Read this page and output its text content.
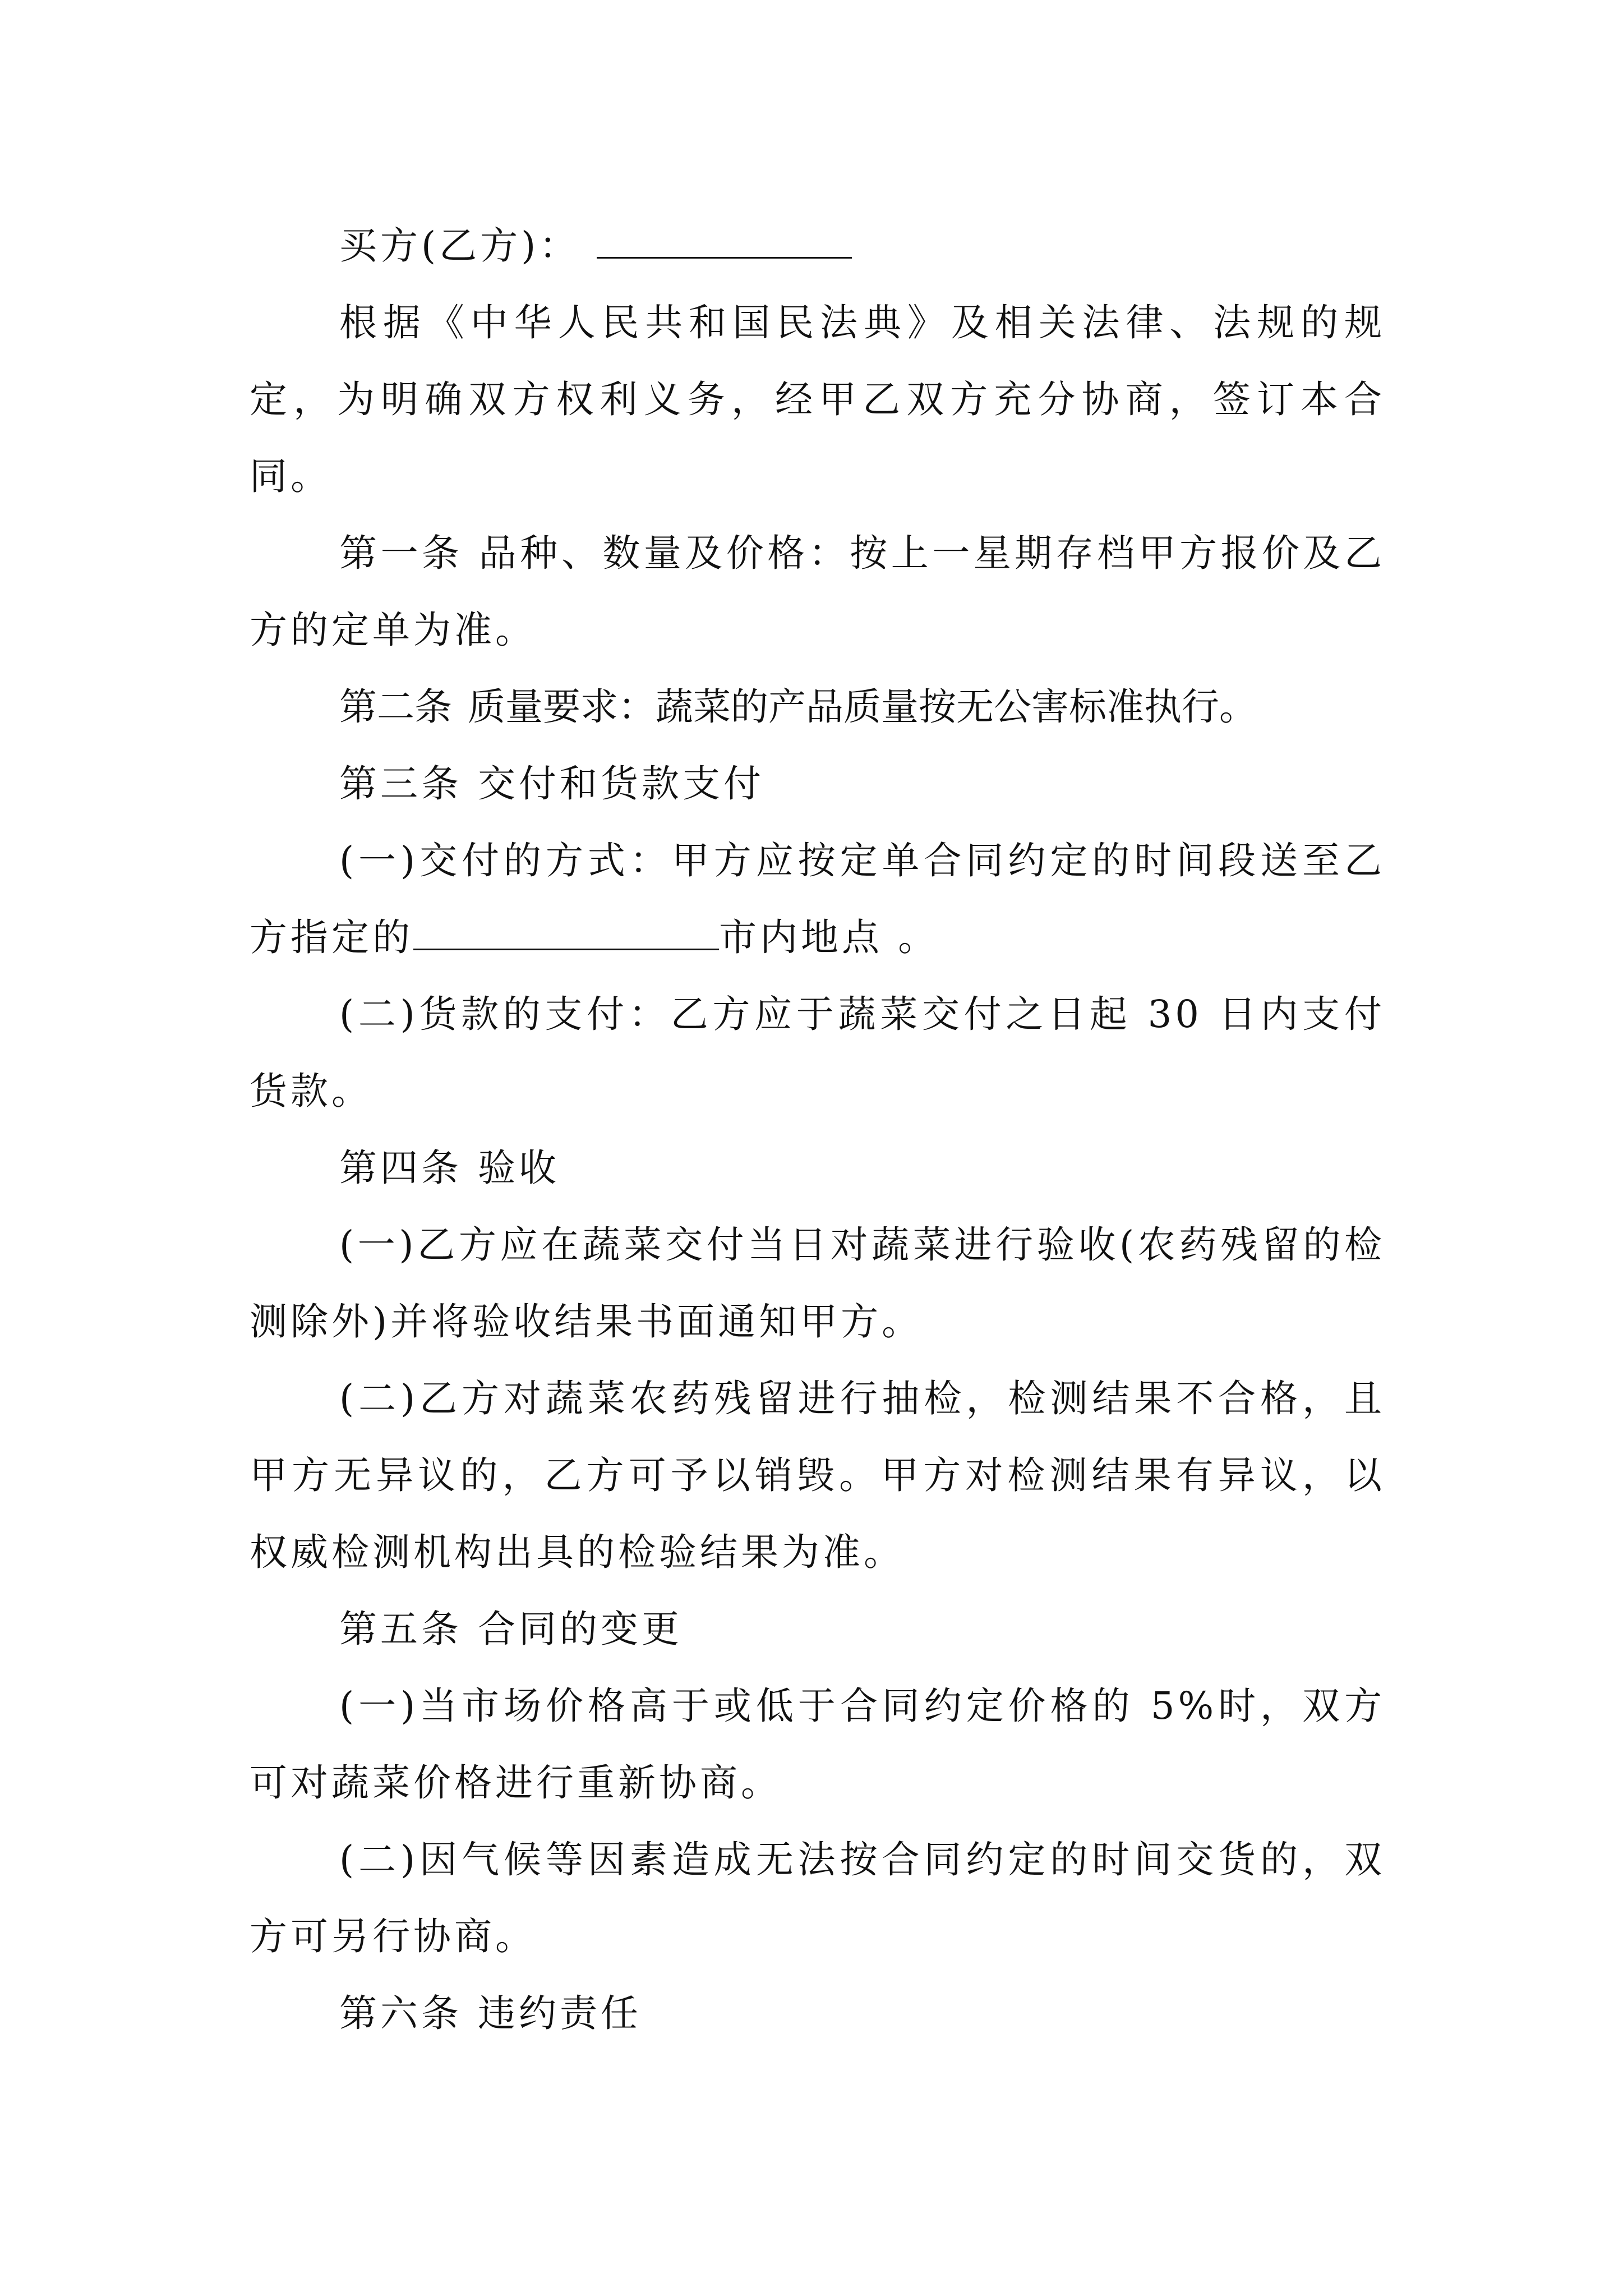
买方(乙方)：

根据《中华人民共和国民法典》及相关法律、法规的规定，为明确双方权利义务，经甲乙双方充分协商，签订本合同。

第一条 品种、数量及价格：按上一星期存档甲方报价及乙方的定单为准。

第二条 质量要求：蔬菜的产品质量按无公害标准执行。

第三条 交付和货款支付

(一)交付的方式：甲方应按定单合同约定的时间段送至乙方指定的	市内地点 。

(二)货款的支付：乙方应于蔬菜交付之日起 30 日内支付货款。

第四条 验收

(一)乙方应在蔬菜交付当日对蔬菜进行验收(农药残留的检测除外)并将验收结果书面通知甲方。

(二)乙方对蔬菜农药残留进行抽检，检测结果不合格，且甲方无异议的，乙方可予以销毁。甲方对检测结果有异议，以权威检测机构出具的检验结果为准。

第五条 合同的变更

(一)当市场价格高于或低于合同约定价格的 5%时，双方可对蔬菜价格进行重新协商。

(二)因气候等因素造成无法按合同约定的时间交货的，双方可另行协商。

第六条 违约责任
